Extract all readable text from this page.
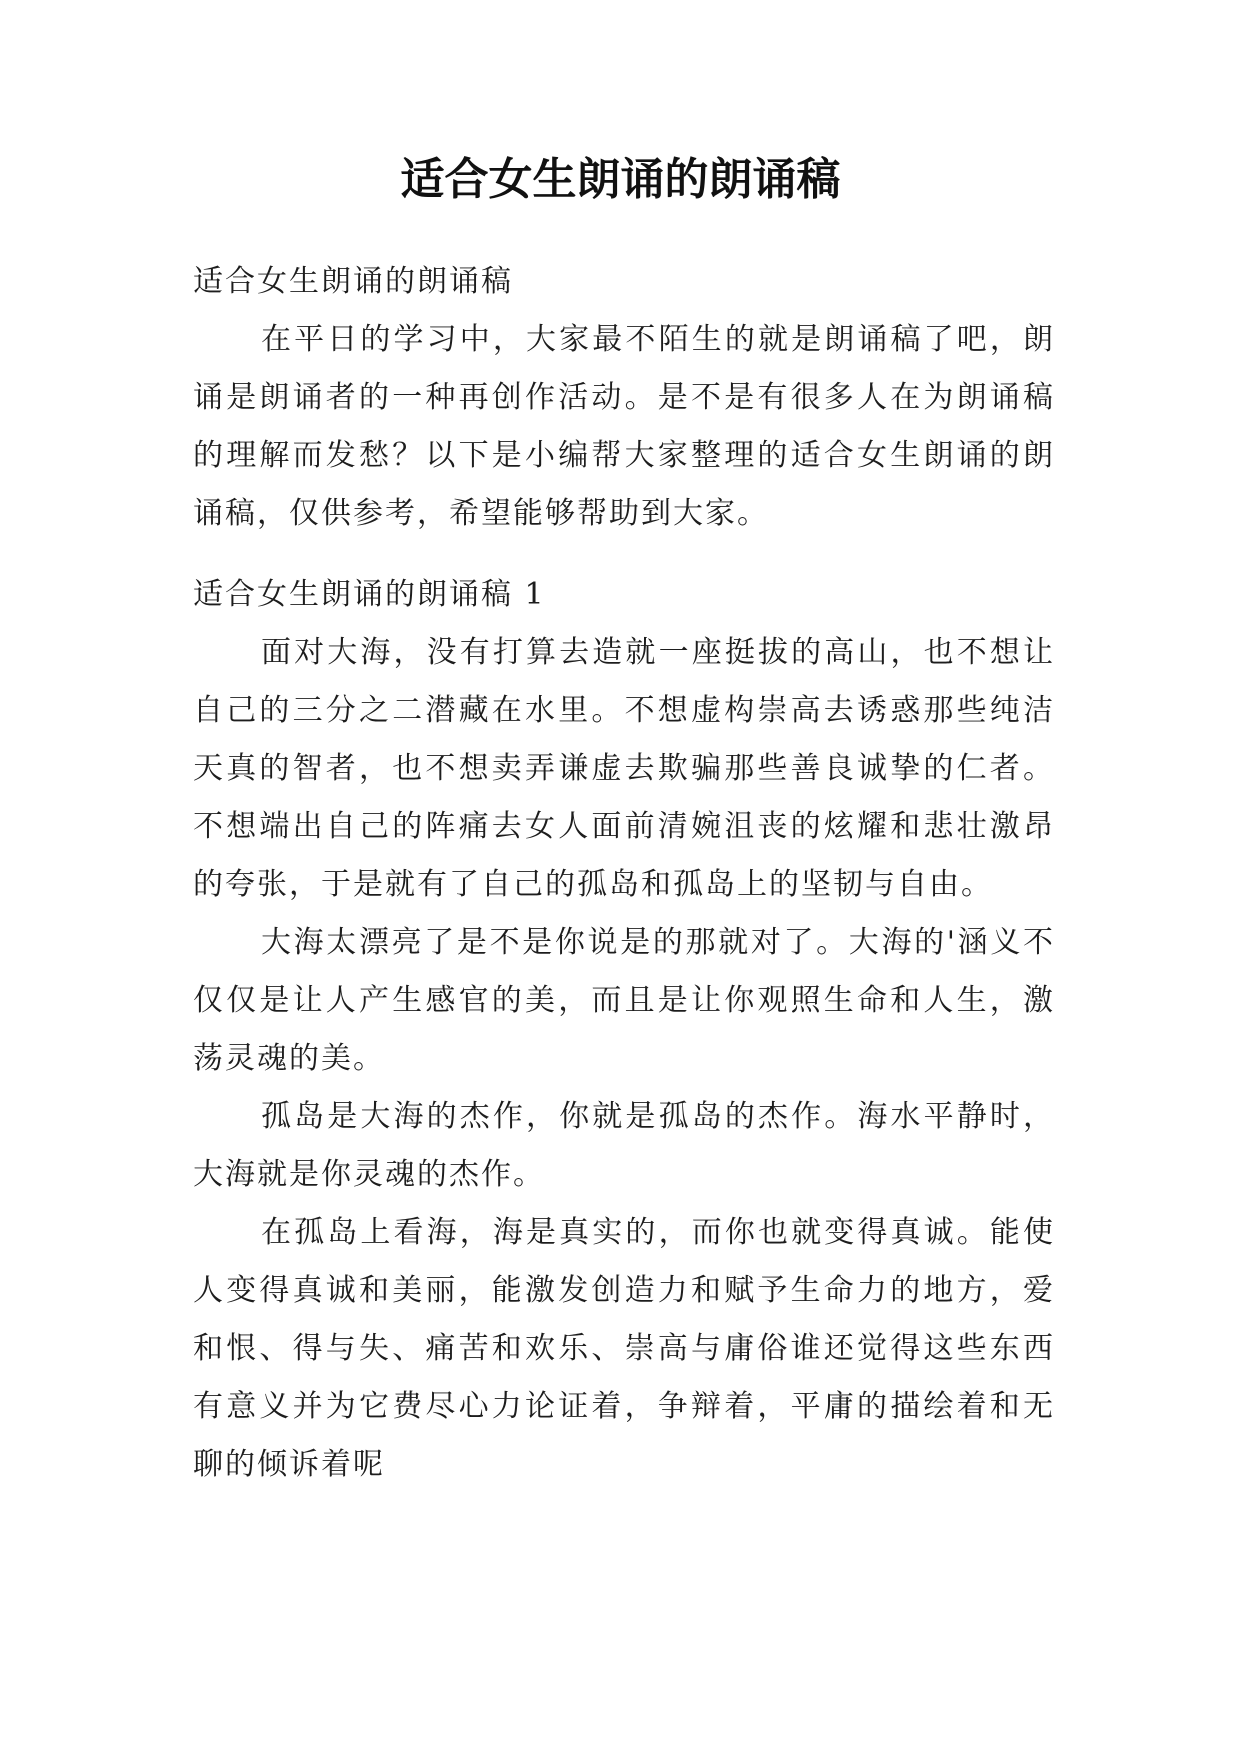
适合女生朗诵的朗诵稿
适合女生朗诵的朗诵稿

在平日的学习中，大家最不陌生的就是朗诵稿了吧，朗诵是朗诵者的一种再创作活动。是不是有很多人在为朗诵稿的理解而发愁？以下是小编帮大家整理的适合女生朗诵的朗诵稿，仅供参考，希望能够帮助到大家。

适合女生朗诵的朗诵稿 1

面对大海，没有打算去造就一座挺拔的高山，也不想让自己的三分之二潜藏在水里。不想虚构崇高去诱惑那些纯洁天真的智者，也不想卖弄谦虚去欺骗那些善良诚挚的仁者。不想端出自己的阵痛去女人面前清婉沮丧的炫耀和悲壮激昂的夸张，于是就有了自己的孤岛和孤岛上的坚韧与自由。

大海太漂亮了是不是你说是的那就对了。大海的'涵义不仅仅是让人产生感官的美，而且是让你观照生命和人生，激荡灵魂的美。

孤岛是大海的杰作，你就是孤岛的杰作。海水平静时，大海就是你灵魂的杰作。

在孤岛上看海，海是真实的，而你也就变得真诚。能使人变得真诚和美丽，能激发创造力和赋予生命力的地方，爱和恨、得与失、痛苦和欢乐、崇高与庸俗谁还觉得这些东西有意义并为它费尽心力论证着，争辩着，平庸的描绘着和无聊的倾诉着呢
